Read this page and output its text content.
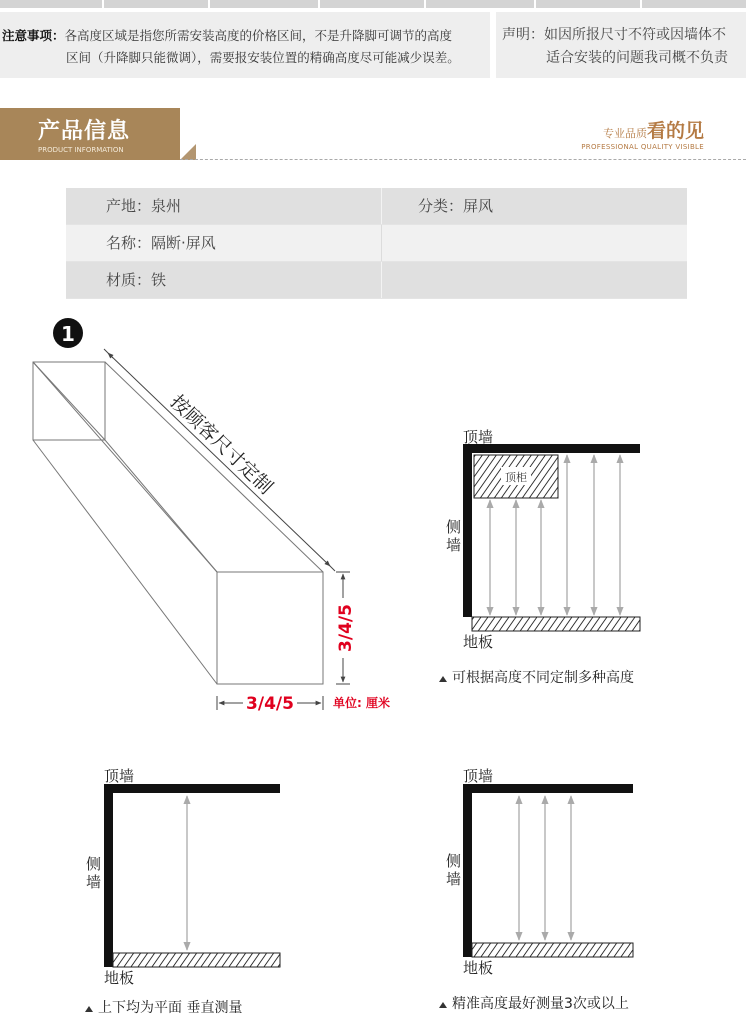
注意事项：各高度区域是指您所需安装高度的价格区间，不是升降脚可调节的高度
区间（升降脚只能微调），需要报安装位置的精确高度尽可能减少误差。
声明：如因所报尺寸不符或因墙体不
适合安装的问题我司概不负责
产品信息
PRODUCT INFORMATION
专业品质看的见
PROFESSIONAL QUALITY VISIBLE
产地：泉州	分类：屏风
名称：隔断·屏风
材质：铁
1
按顾客尺寸定制
3/4/5
3/4/5	单位: 厘米
顶柜
顶墙
侧
墙
地板
可根据高度不同定制多种高度
顶墙
侧
墙
地板
上下均为平面 垂直测量
顶墙
侧
墙
地板
精准高度最好测量3次或以上
